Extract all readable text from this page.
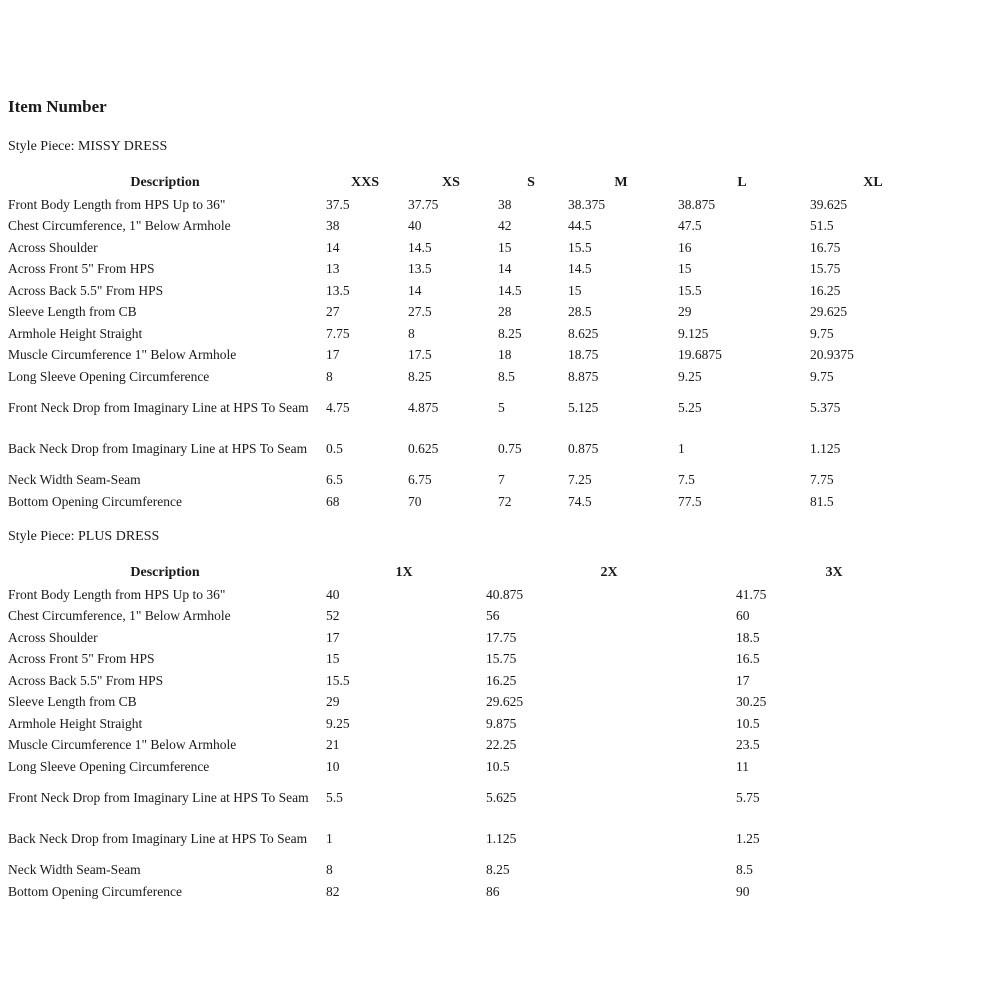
Item Number
Style Piece: MISSY DRESS
Description	XXS	XS	S	M	L	XL
Front Body Length from HPS Up to 36"	37.5	37.75	38	38.375	38.875	39.625
Chest Circumference, 1" Below Armhole	38	40	42	44.5	47.5	51.5
Across Shoulder	14	14.5	15	15.5	16	16.75
Across Front 5" From HPS	13	13.5	14	14.5	15	15.75
Across Back 5.5" From HPS	13.5	14	14.5	15	15.5	16.25
Sleeve Length from CB	27	27.5	28	28.5	29	29.625
Armhole Height Straight	7.75	8	8.25	8.625	9.125	9.75
Muscle Circumference 1" Below Armhole	17	17.5	18	18.75	19.6875	20.9375
Long Sleeve Opening Circumference	8	8.25	8.5	8.875	9.25	9.75
Front Neck Drop from Imaginary Line at HPS To Seam	4.75	4.875	5	5.125	5.25	5.375
Back Neck Drop from Imaginary Line at HPS To Seam	0.5	0.625	0.75	0.875	1	1.125
Neck Width Seam-Seam	6.5	6.75	7	7.25	7.5	7.75
Bottom Opening Circumference	68	70	72	74.5	77.5	81.5
Style Piece: PLUS DRESS
Description	1X	2X	3X
Front Body Length from HPS Up to 36"	40	40.875	41.75
Chest Circumference, 1" Below Armhole	52	56	60
Across Shoulder	17	17.75	18.5
Across Front 5" From HPS	15	15.75	16.5
Across Back 5.5" From HPS	15.5	16.25	17
Sleeve Length from CB	29	29.625	30.25
Armhole Height Straight	9.25	9.875	10.5
Muscle Circumference 1" Below Armhole	21	22.25	23.5
Long Sleeve Opening Circumference	10	10.5	11
Front Neck Drop from Imaginary Line at HPS To Seam	5.5	5.625	5.75
Back Neck Drop from Imaginary Line at HPS To Seam	1	1.125	1.25
Neck Width Seam-Seam	8	8.25	8.5
Bottom Opening Circumference	82	86	90
